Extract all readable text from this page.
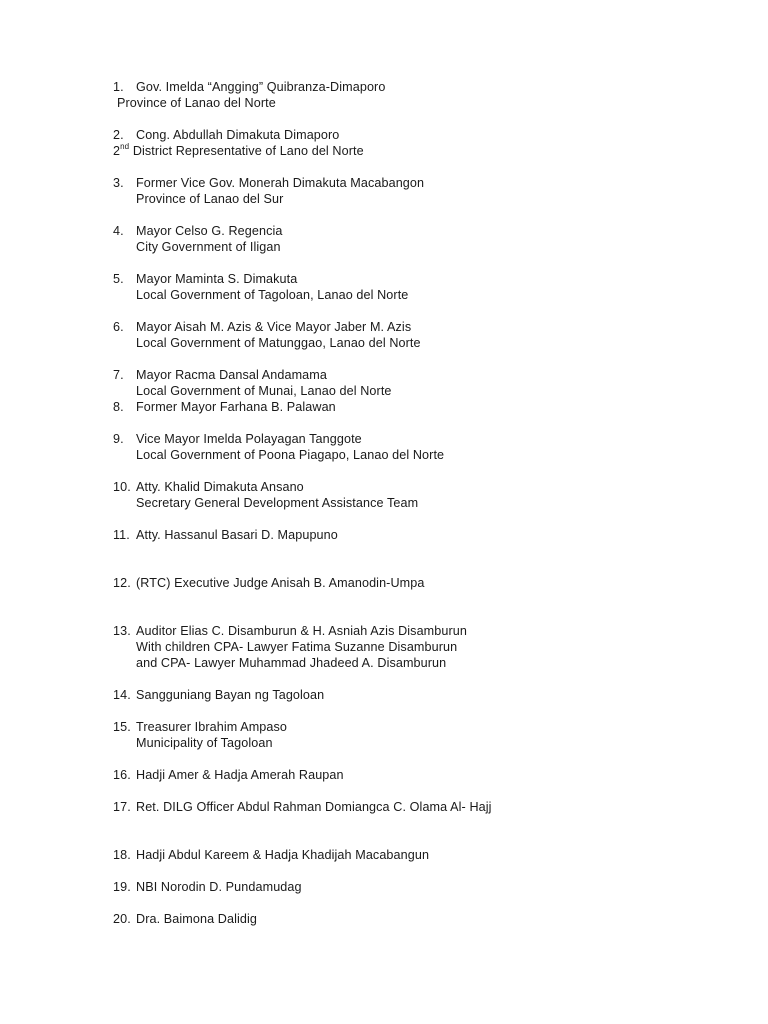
1. Gov. Imelda “Angging” Quibranza-Dimaporo
Province of Lanao del Norte
2. Cong. Abdullah Dimakuta Dimaporo
2nd District Representative of Lano del Norte
3. Former Vice Gov. Monerah Dimakuta Macabangon
Province of Lanao del Sur
4. Mayor Celso G. Regencia
City Government of Iligan
5. Mayor Maminta S. Dimakuta
Local Government of Tagoloan, Lanao del Norte
6. Mayor Aisah M. Azis & Vice Mayor Jaber M. Azis
Local Government of Matunggao, Lanao del Norte
7. Mayor Racma Dansal Andamama
Local Government of Munai, Lanao del Norte
8. Former Mayor Farhana B. Palawan
9. Vice Mayor Imelda Polayagan Tanggote
Local Government of Poona Piagapo, Lanao del Norte
10. Atty. Khalid Dimakuta Ansano
Secretary General Development Assistance Team
11. Atty. Hassanul Basari D. Mapupuno
12. (RTC) Executive Judge Anisah B. Amanodin-Umpa
13. Auditor Elias C. Disamburun & H. Asniah Azis Disamburun
With children CPA- Lawyer Fatima Suzanne Disamburun
and CPA- Lawyer Muhammad Jhadeed A. Disamburun
14. Sangguniang Bayan ng Tagoloan
15. Treasurer Ibrahim Ampaso
Municipality of Tagoloan
16. Hadji Amer & Hadja Amerah Raupan
17. Ret. DILG Officer Abdul Rahman Domiangca C. Olama Al- Hajj
18. Hadji Abdul Kareem & Hadja Khadijah Macabangun
19. NBI Norodin D. Pundamudag
20. Dra. Baimona Dalidig
